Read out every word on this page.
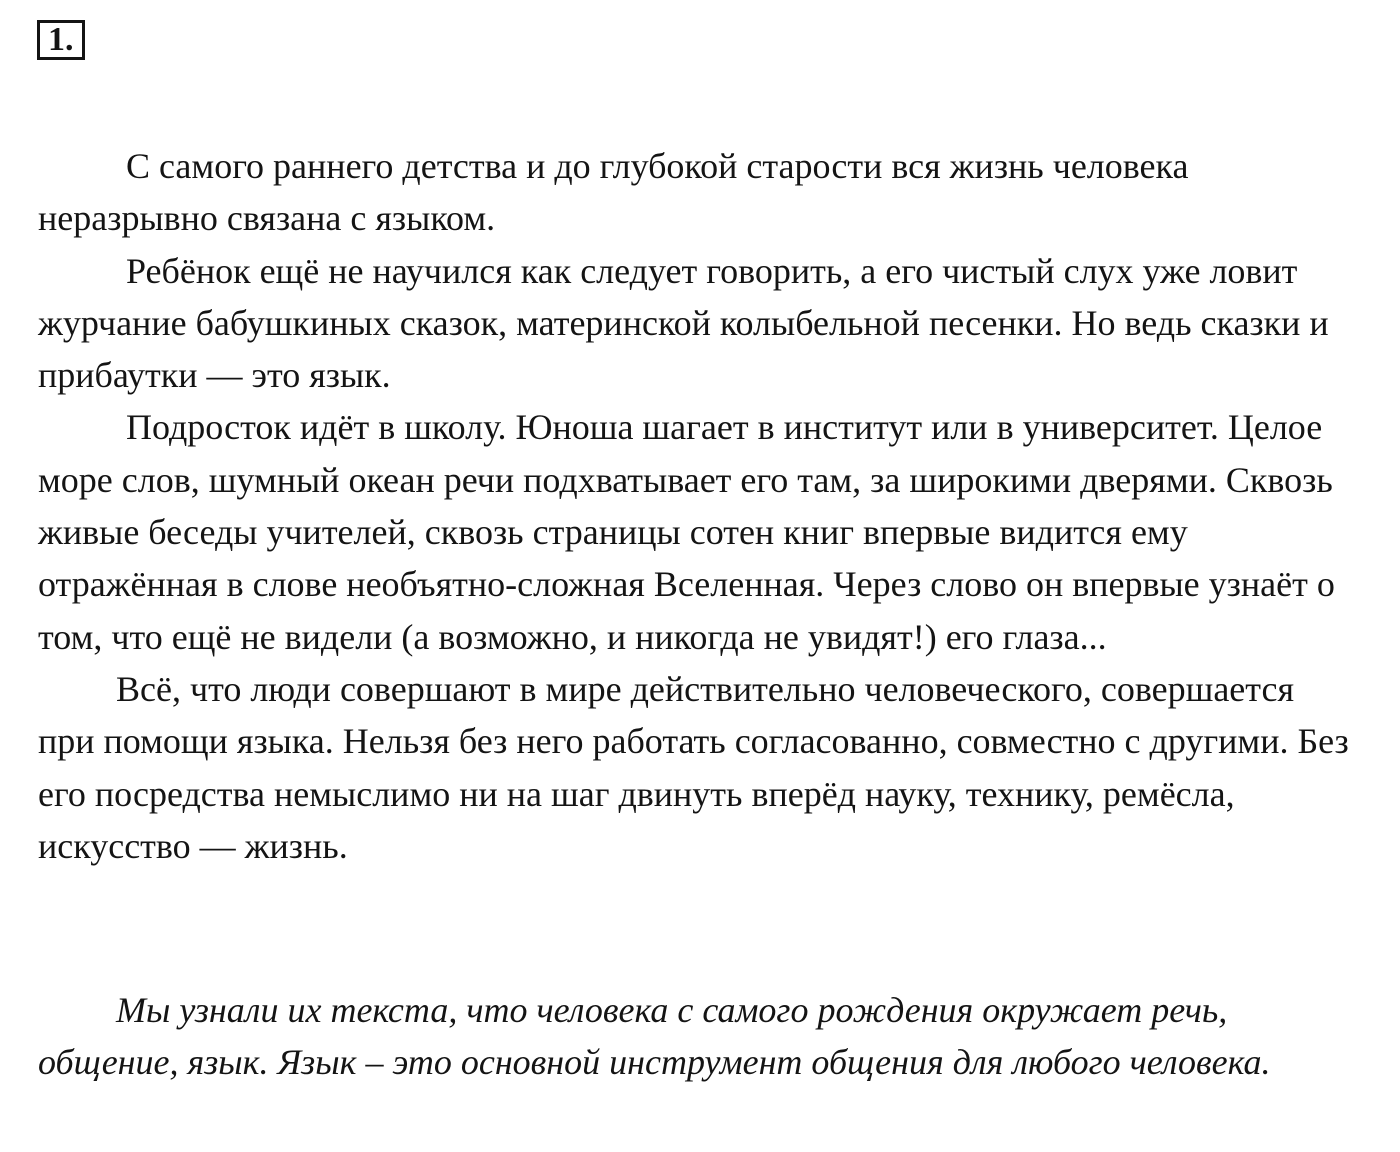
1.

С самого раннего детства и до глубокой старости вся жизнь человека неразрывно связана с языком.

Ребёнок ещё не научился как следует говорить, а его чистый слух уже ловит журчание бабушкиных сказок, материнской колыбельной песенки. Но ведь сказки и прибаутки — это язык.

Подросток идёт в школу. Юноша шагает в институт или в университет. Целое море слов, шумный океан речи подхватывает его там, за широкими дверями. Сквозь живые беседы учителей, сквозь страницы сотен книг впервые видится ему отражённая в слове необъятно-сложная Вселенная. Через слово он впервые узнаёт о том, что ещё не видели (а возможно, и никогда не увидят!) его глаза...

Всё, что люди совершают в мире действительно человеческого, совершается при помощи языка. Нельзя без него работать согласованно, совместно с другими. Без его посредства немыслимо ни на шаг двинуть вперёд науку, технику, ремёсла, искусство — жизнь.

Мы узнали их текста, что человека с самого рождения окружает речь, общение, язык. Язык – это основной инструмент общения для любого человека.
